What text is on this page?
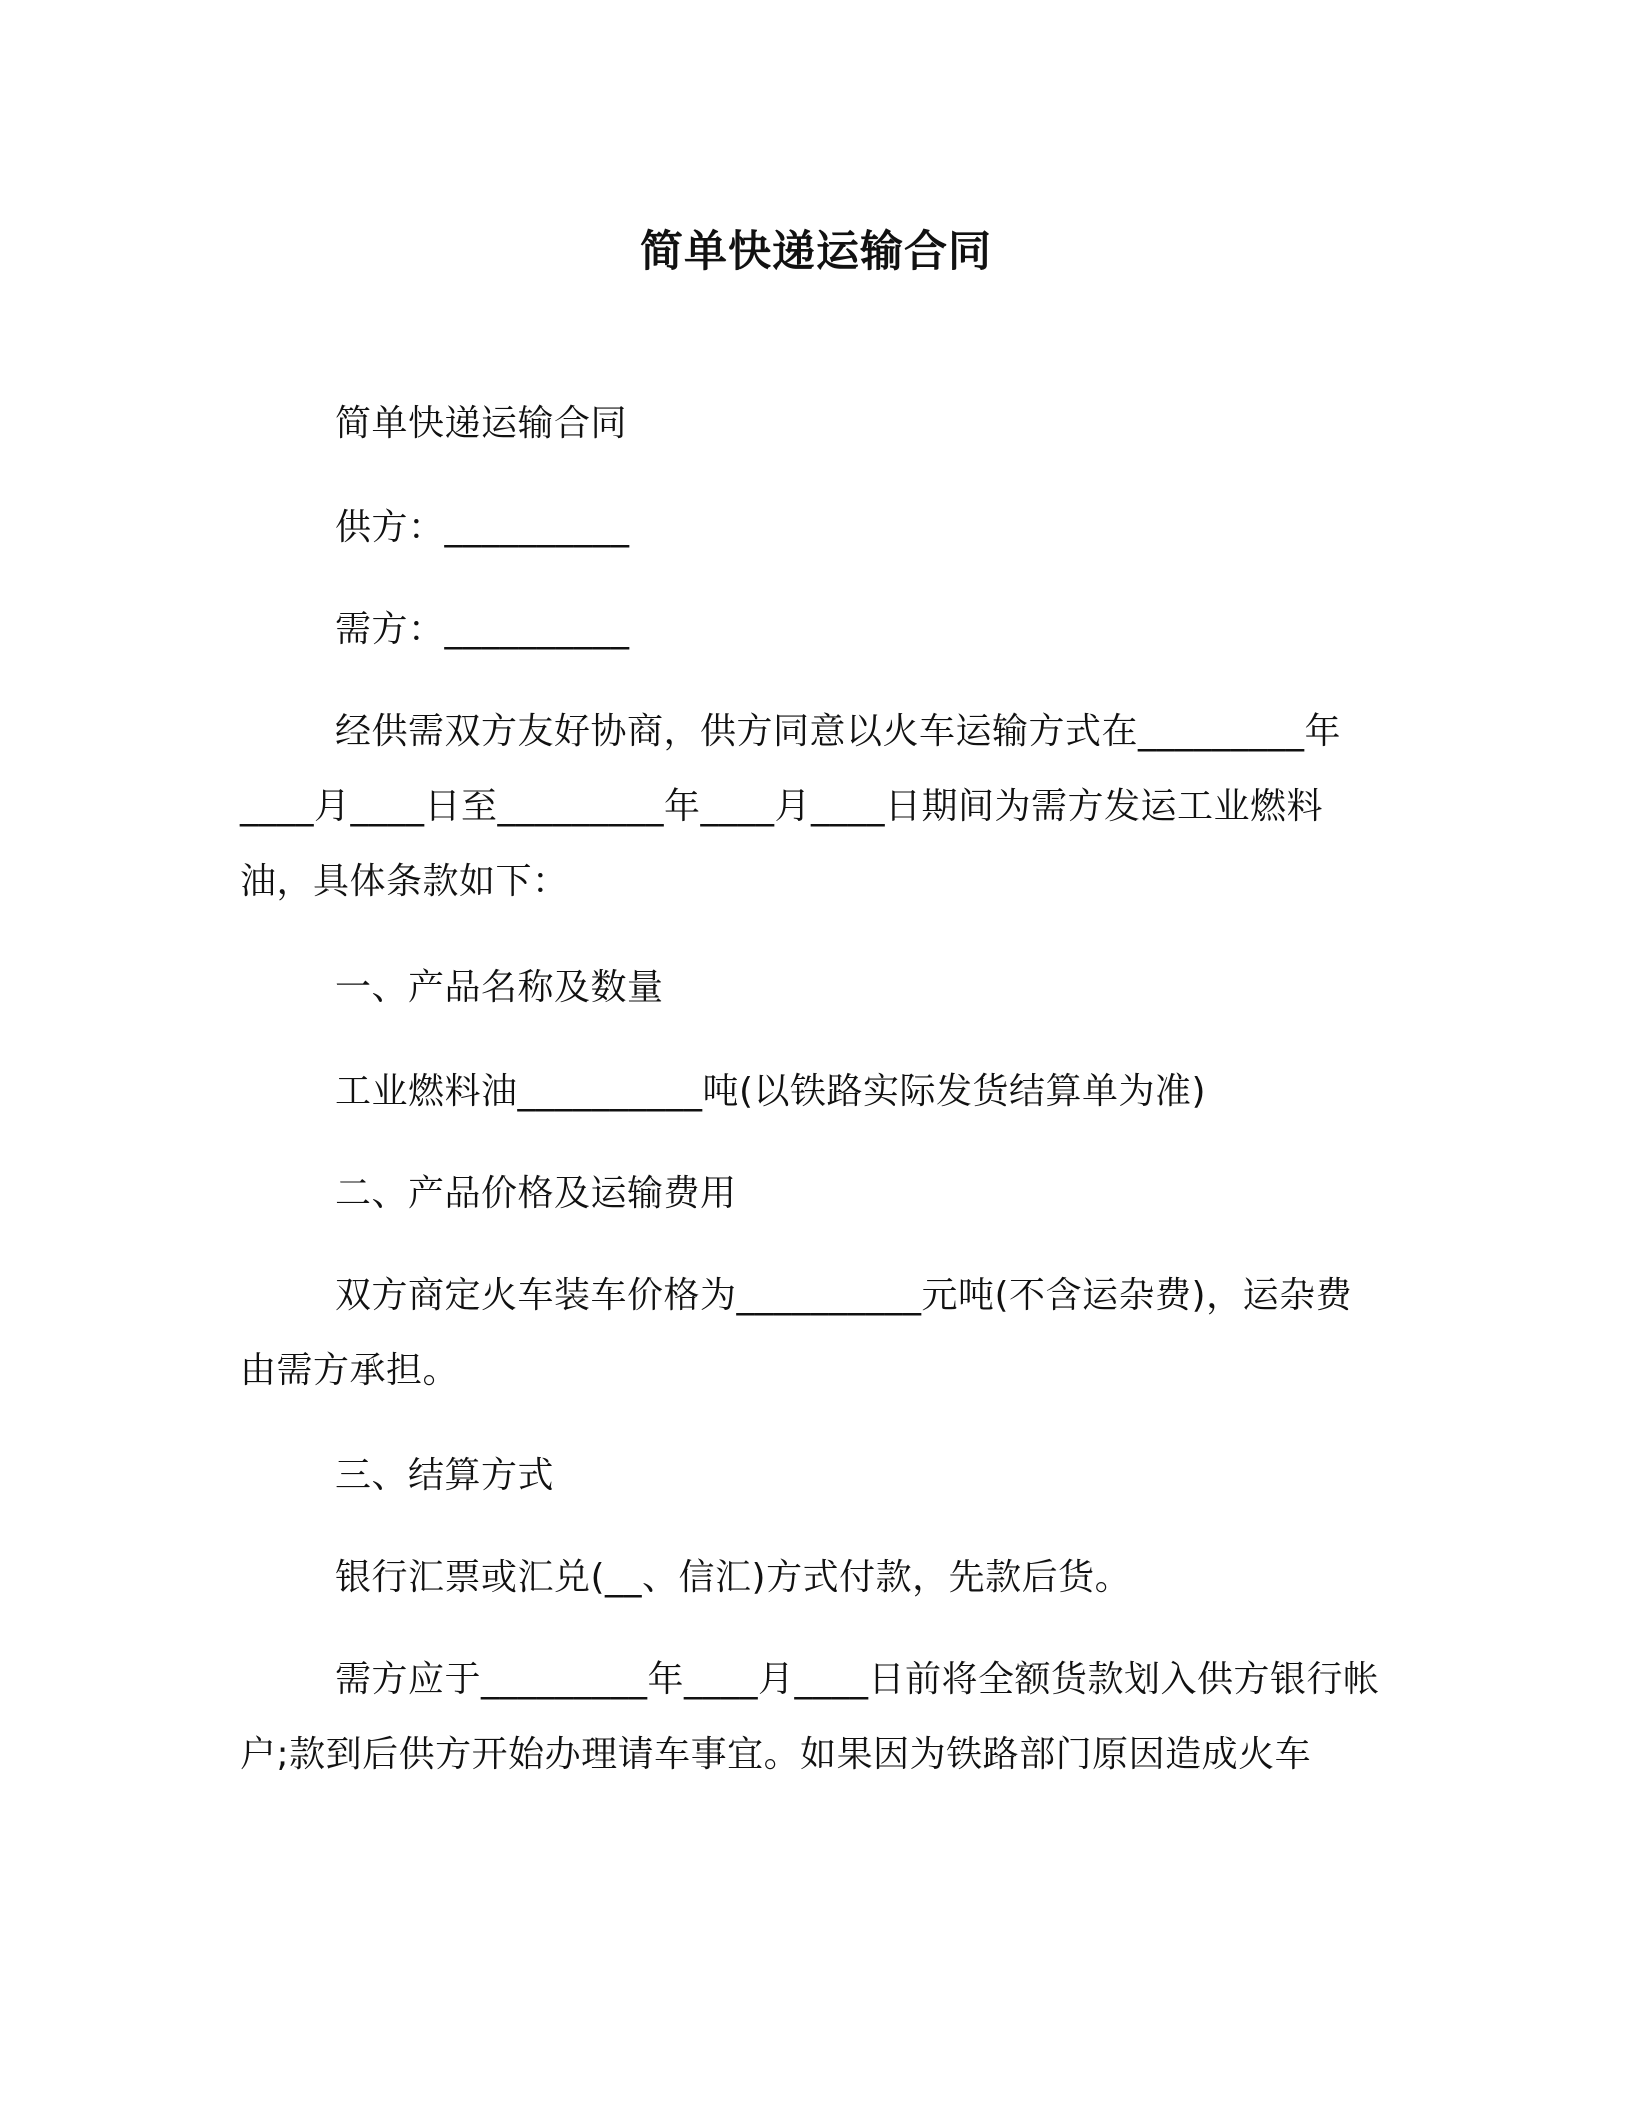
简单快递运输合同

简单快递运输合同

供方：__________

需方：__________

经供需双方友好协商，供方同意以火车运输方式在_________年____月____日至_________年____月____日期间为需方发运工业燃料油，具体条款如下：

一、产品名称及数量

工业燃料油__________吨(以铁路实际发货结算单为准)

二、产品价格及运输费用

双方商定火车装车价格为__________元吨(不含运杂费)，运杂费由需方承担。

三、结算方式

银行汇票或汇兑(__、信汇)方式付款，先款后货。

需方应于_________年____月____日前将全额货款划入供方银行帐户;款到后供方开始办理请车事宜。如果因为铁路部门原因造成火车
